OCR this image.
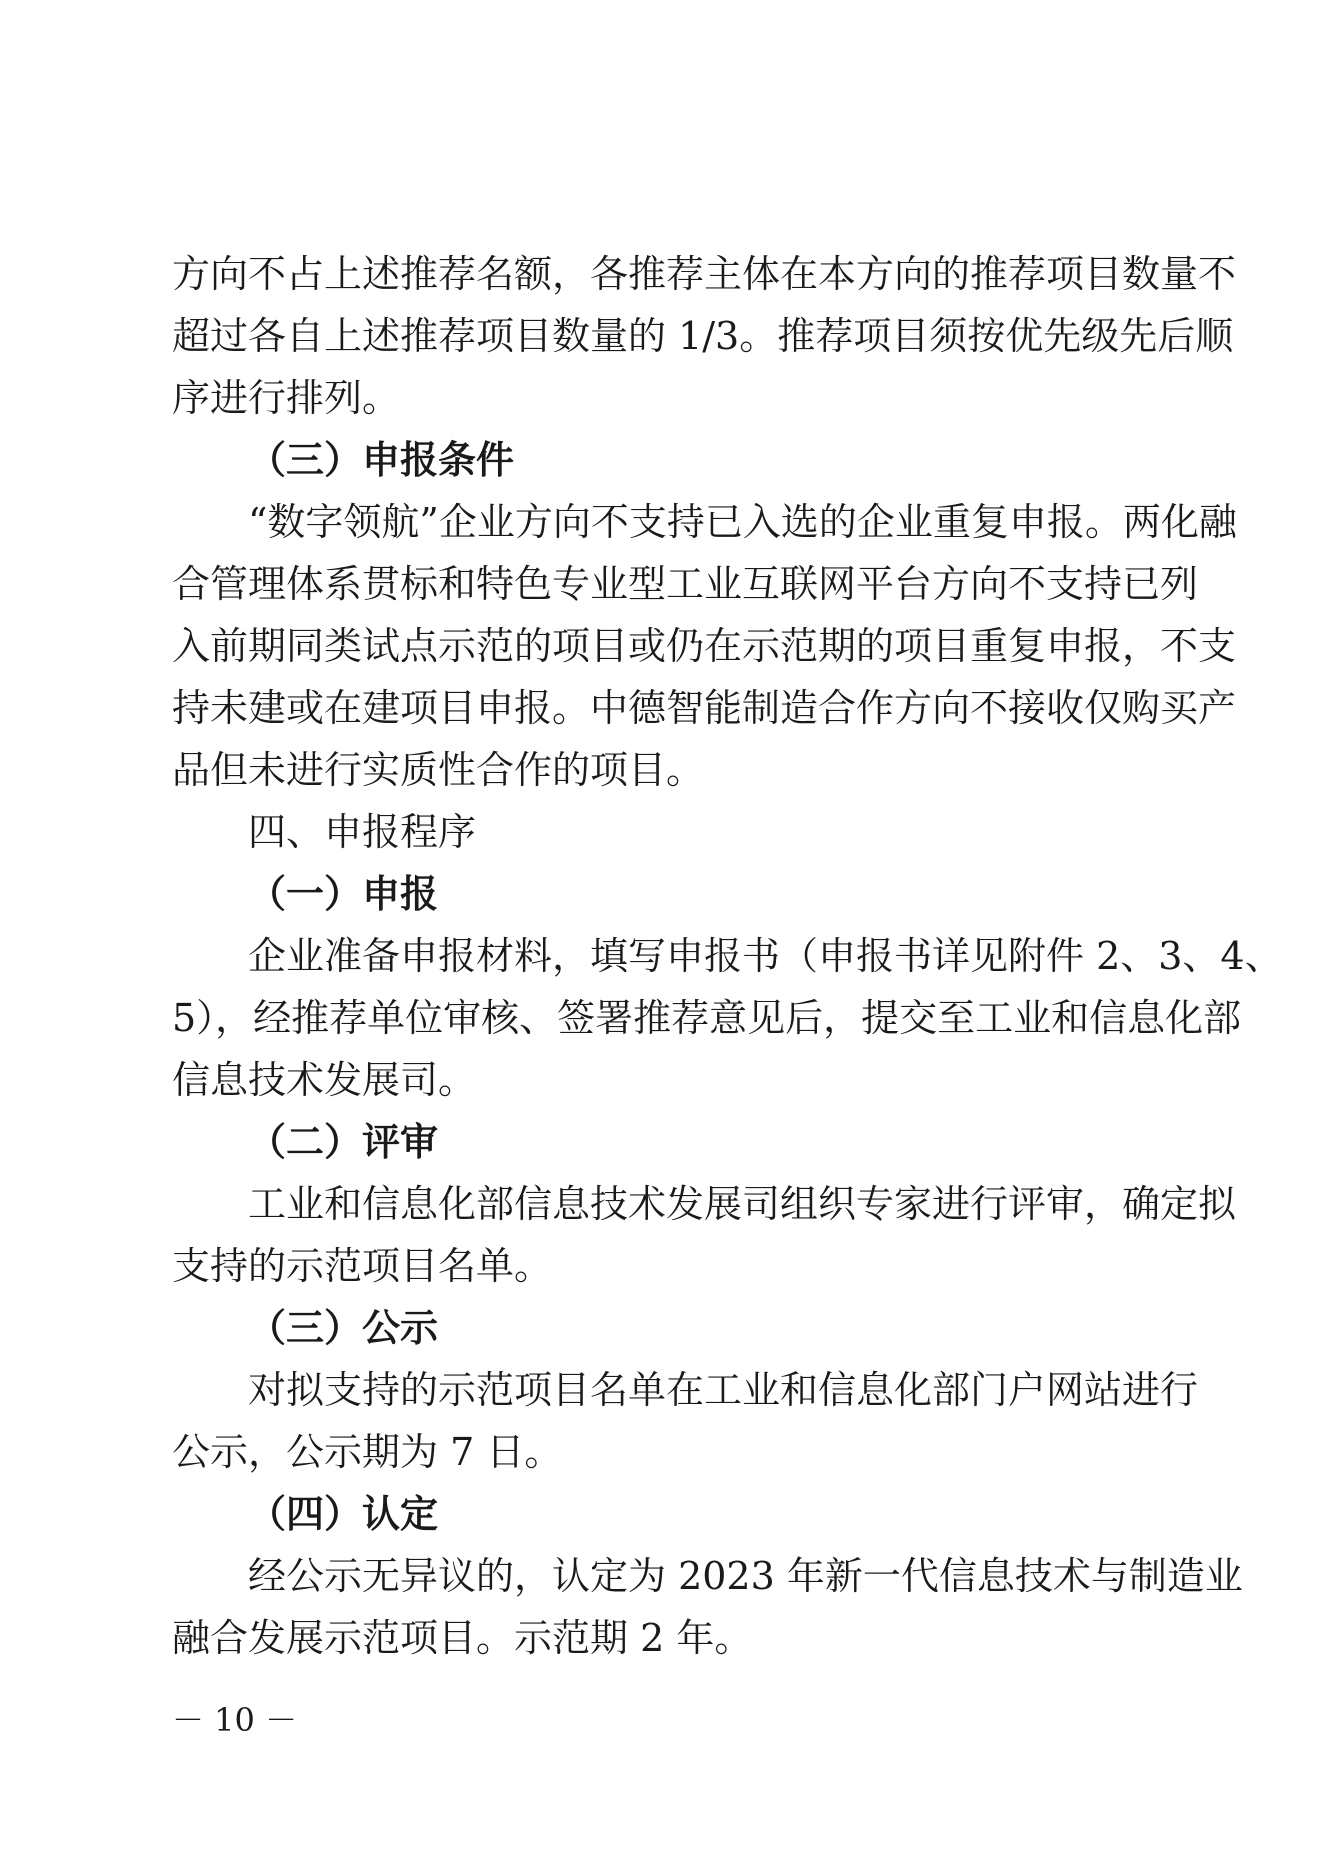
方向不占上述推荐名额，各推荐主体在本方向的推荐项目数量不
超过各自上述推荐项目数量的 1/3。推荐项目须按优先级先后顺
序进行排列。
（三）申报条件
“数字领航”企业方向不支持已入选的企业重复申报。两化融
合管理体系贯标和特色专业型工业互联网平台方向不支持已列
入前期同类试点示范的项目或仍在示范期的项目重复申报，不支
持未建或在建项目申报。中德智能制造合作方向不接收仅购买产
品但未进行实质性合作的项目。
四、申报程序
（一）申报
企业准备申报材料，填写申报书（申报书详见附件 2、3、4、
5），经推荐单位审核、签署推荐意见后，提交至工业和信息化部
信息技术发展司。
（二）评审
工业和信息化部信息技术发展司组织专家进行评审，确定拟
支持的示范项目名单。
（三）公示
对拟支持的示范项目名单在工业和信息化部门户网站进行
公示，公示期为 7 日。
（四）认定
经公示无异议的，认定为 2023 年新一代信息技术与制造业
融合发展示范项目。示范期 2 年。
－ 10 －
